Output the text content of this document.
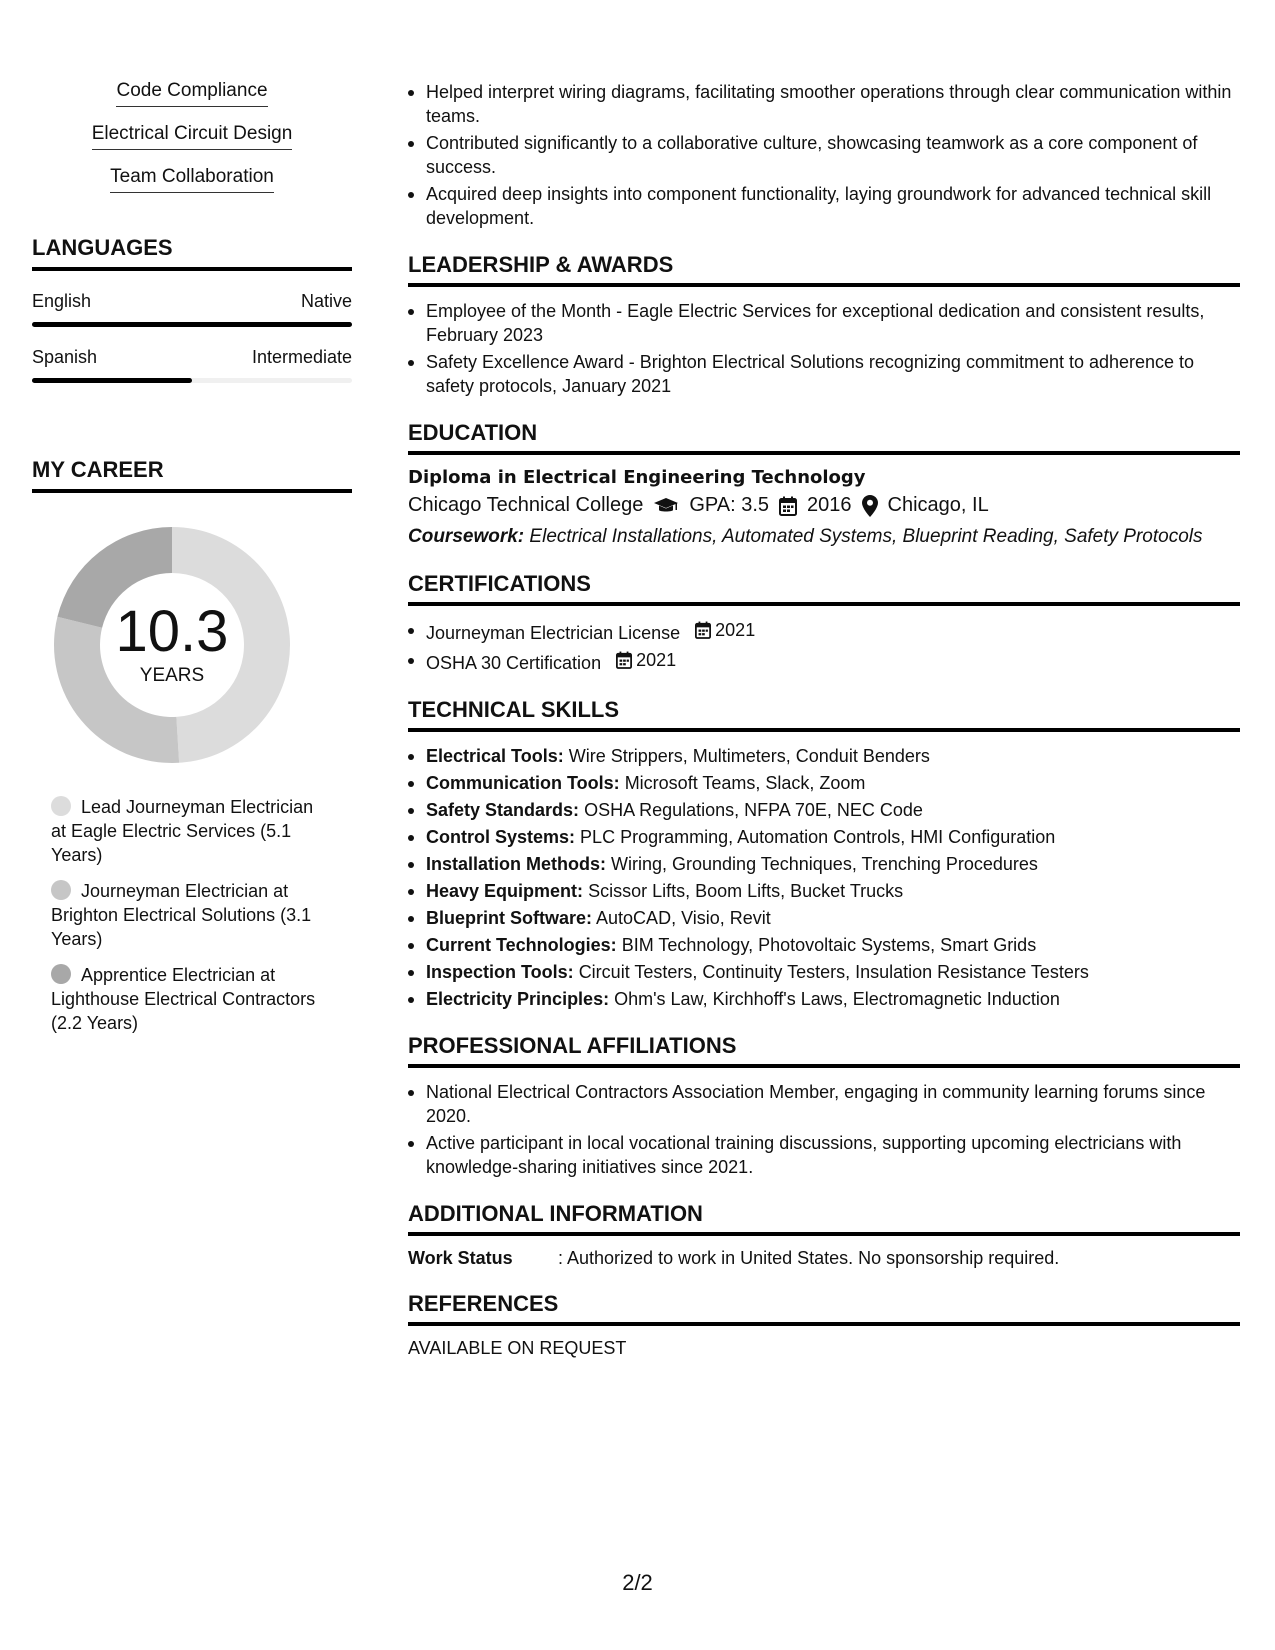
Code Compliance
Electrical Circuit Design
Team Collaboration
LANGUAGES
English	Native
Spanish	Intermediate
MY CAREER
10.3
YEARS
Lead Journeyman Electrician at Eagle Electric Services (5.1 Years)
Journeyman Electrician at Brighton Electrical Solutions (3.1 Years)
Apprentice Electrician at Lighthouse Electrical Contractors (2.2 Years)
Helped interpret wiring diagrams, facilitating smoother operations through clear communication within teams.
Contributed significantly to a collaborative culture, showcasing teamwork as a core component of success.
Acquired deep insights into component functionality, laying groundwork for advanced technical skill development.
LEADERSHIP & AWARDS
Employee of the Month - Eagle Electric Services for exceptional dedication and consistent results, February 2023
Safety Excellence Award - Brighton Electrical Solutions recognizing commitment to adherence to safety protocols, January 2021
EDUCATION
Diploma in Electrical Engineering Technology
Chicago Technical College GPA: 3.5 2016 Chicago, IL
Coursework: Electrical Installations, Automated Systems, Blueprint Reading, Safety Protocols
CERTIFICATIONS
Journeyman Electrician License 2021
OSHA 30 Certification 2021
TECHNICAL SKILLS
Electrical Tools: Wire Strippers, Multimeters, Conduit Benders
Communication Tools: Microsoft Teams, Slack, Zoom
Safety Standards: OSHA Regulations, NFPA 70E, NEC Code
Control Systems: PLC Programming, Automation Controls, HMI Configuration
Installation Methods: Wiring, Grounding Techniques, Trenching Procedures
Heavy Equipment: Scissor Lifts, Boom Lifts, Bucket Trucks
Blueprint Software: AutoCAD, Visio, Revit
Current Technologies: BIM Technology, Photovoltaic Systems, Smart Grids
Inspection Tools: Circuit Testers, Continuity Testers, Insulation Resistance Testers
Electricity Principles: Ohm's Law, Kirchhoff's Laws, Electromagnetic Induction
PROFESSIONAL AFFILIATIONS
National Electrical Contractors Association Member, engaging in community learning forums since 2020.
Active participant in local vocational training discussions, supporting upcoming electricians with knowledge-sharing initiatives since 2021.
ADDITIONAL INFORMATION
Work Status	: Authorized to work in United States. No sponsorship required.
REFERENCES
AVAILABLE ON REQUEST
2/2
